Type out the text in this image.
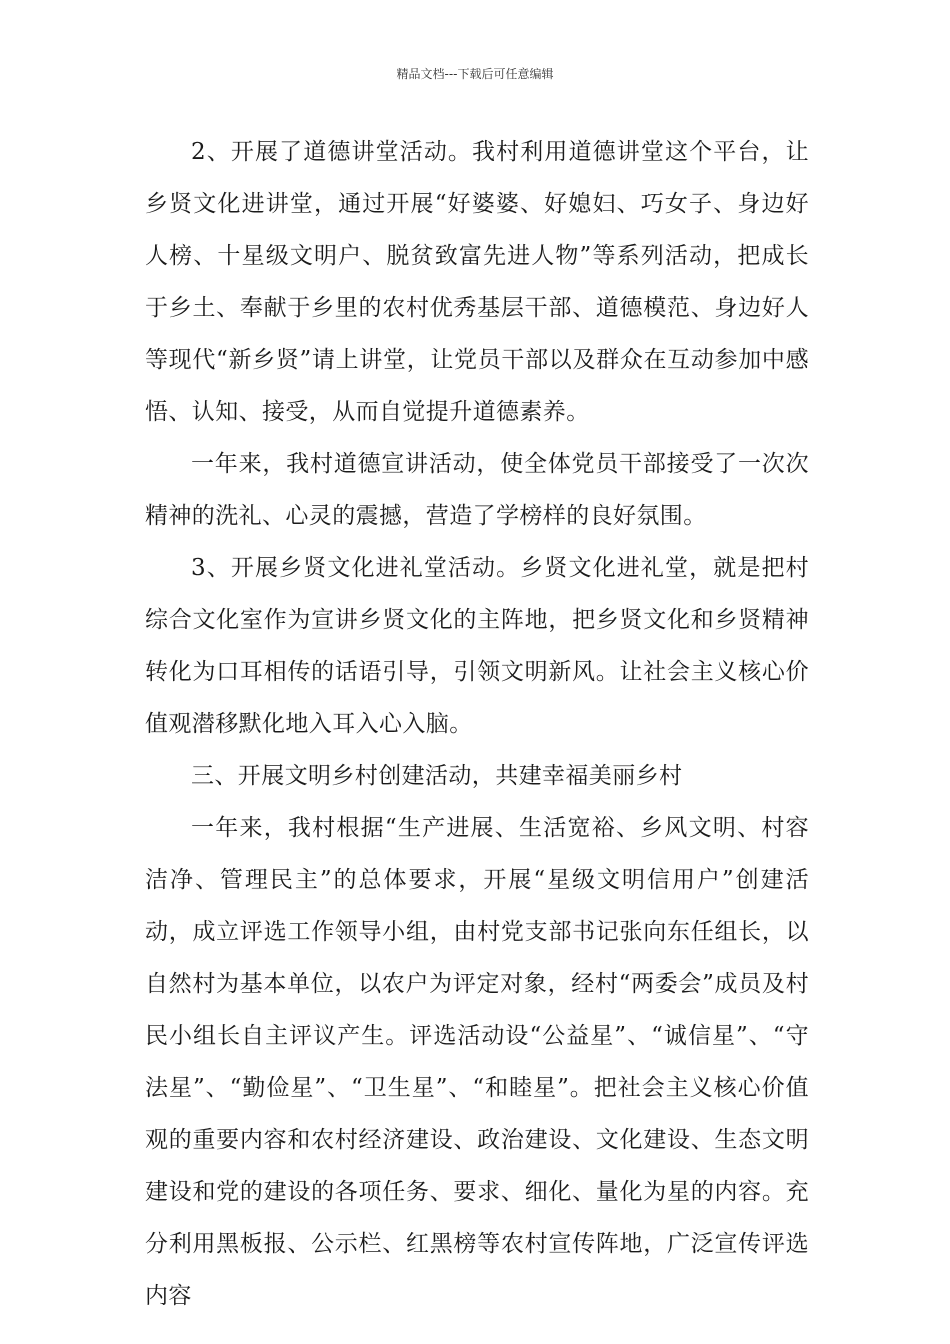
精品文档---下载后可任意编辑

2、开展了道德讲堂活动。我村利用道德讲堂这个平台，让乡贤文化进讲堂，通过开展“好婆婆、好媳妇、巧女子、身边好人榜、十星级文明户、脱贫致富先进人物”等系列活动，把成长于乡土、奉献于乡里的农村优秀基层干部、道德模范、身边好人等现代“新乡贤”请上讲堂，让党员干部以及群众在互动参加中感悟、认知、接受，从而自觉提升道德素养。

一年来，我村道德宣讲活动，使全体党员干部接受了一次次精神的洗礼、心灵的震撼，营造了学榜样的良好氛围。

3、开展乡贤文化进礼堂活动。乡贤文化进礼堂，就是把村综合文化室作为宣讲乡贤文化的主阵地，把乡贤文化和乡贤精神转化为口耳相传的话语引导，引领文明新风。让社会主义核心价值观潜移默化地入耳入心入脑。

三、开展文明乡村创建活动，共建幸福美丽乡村

一年来，我村根据“生产进展、生活宽裕、乡风文明、村容洁净、管理民主”的总体要求，开展“星级文明信用户”创建活动，成立评选工作领导小组，由村党支部书记张向东任组长，以自然村为基本单位，以农户为评定对象，经村“两委会”成员及村民小组长自主评议产生。评选活动设“公益星”、“诚信星”、“守法星”、“勤俭星”、“卫生星”、“和睦星”。把社会主义核心价值观的重要内容和农村经济建设、政治建设、文化建设、生态文明建设和党的建设的各项任务、要求、细化、量化为星的内容。充分利用黑板报、公示栏、红黑榜等农村宣传阵地，广泛宣传评选内容
